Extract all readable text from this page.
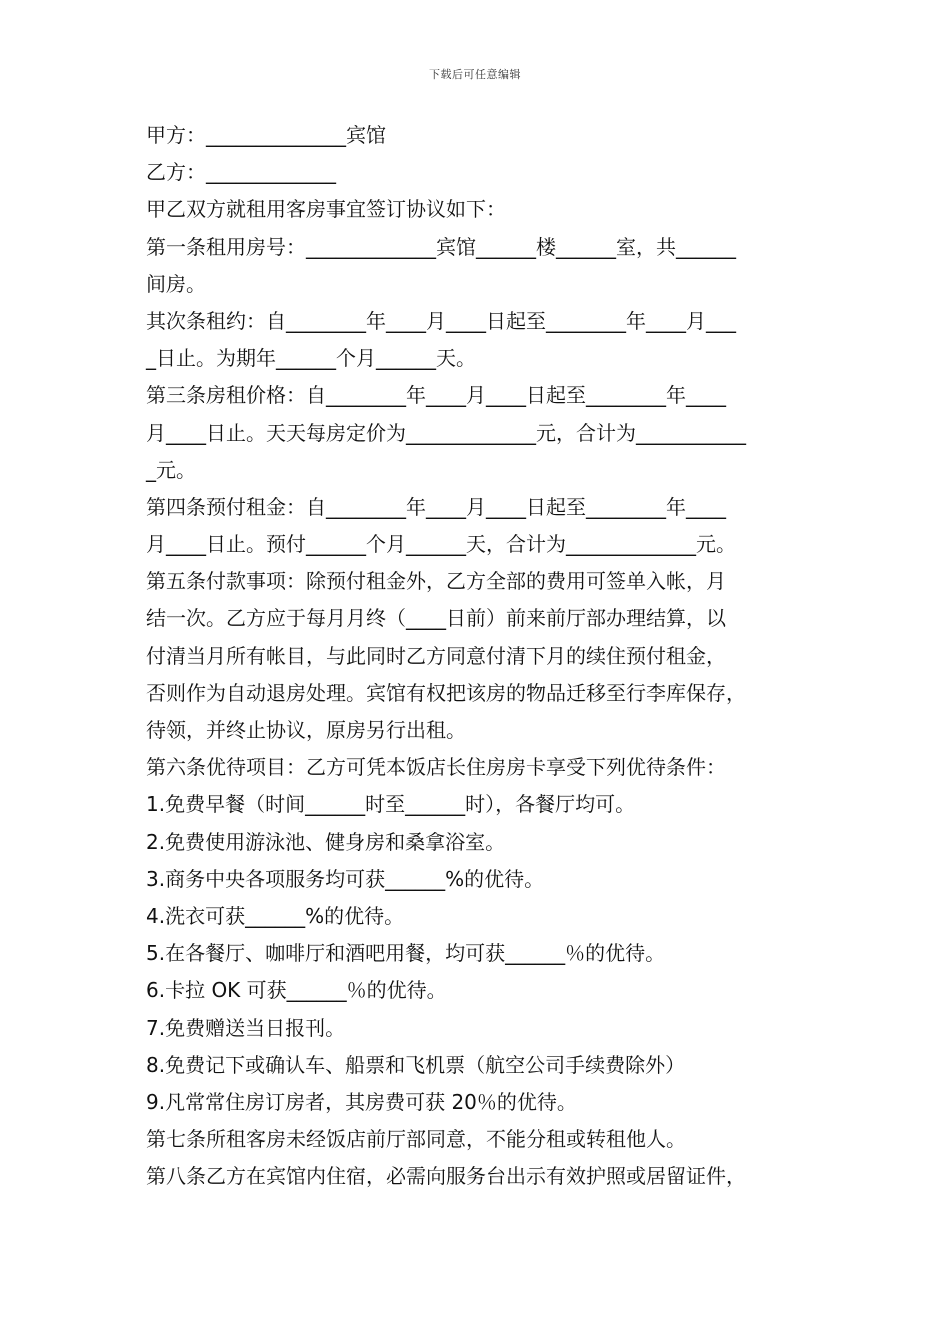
下载后可任意编辑
甲方：______________宾馆
乙方：_____________
甲乙双方就租用客房事宜签订协议如下：
第一条租用房号：_____________宾馆______楼______室，共______
间房。
其次条租约：自________年____月____日起至________年____月___
_日止。为期年______个月______天。
第三条房租价格：自________年____月____日起至________年____
月____日止。天天每房定价为_____________元，合计为___________
_元。
第四条预付租金：自________年____月____日起至________年____
月____日止。预付______个月______天，合计为_____________元。
第五条付款事项：除预付租金外，乙方全部的费用可签单入帐，月
结一次。乙方应于每月月终（____日前）前来前厅部办理结算，以
付清当月所有帐目，与此同时乙方同意付清下月的续住预付租金，
否则作为自动退房处理。宾馆有权把该房的物品迁移至行李库保存，
待领，并终止协议，原房另行出租。
第六条优待项目：乙方可凭本饭店长住房房卡享受下列优待条件：
1.免费早餐（时间______时至______时），各餐厅均可。
2.免费使用游泳池、健身房和桑拿浴室。
3.商务中央各项服务均可获______%的优待。
4.洗衣可获______%的优待。
5.在各餐厅、咖啡厅和酒吧用餐，均可获______％的优待。
6.卡拉 OK 可获______％的优待。
7.免费赠送当日报刊。
8.免费记下或确认车、船票和飞机票（航空公司手续费除外）
9.凡常常住房订房者，其房费可获 20％的优待。
第七条所租客房未经饭店前厅部同意，不能分租或转租他人。
第八条乙方在宾馆内住宿，必需向服务台出示有效护照或居留证件，
